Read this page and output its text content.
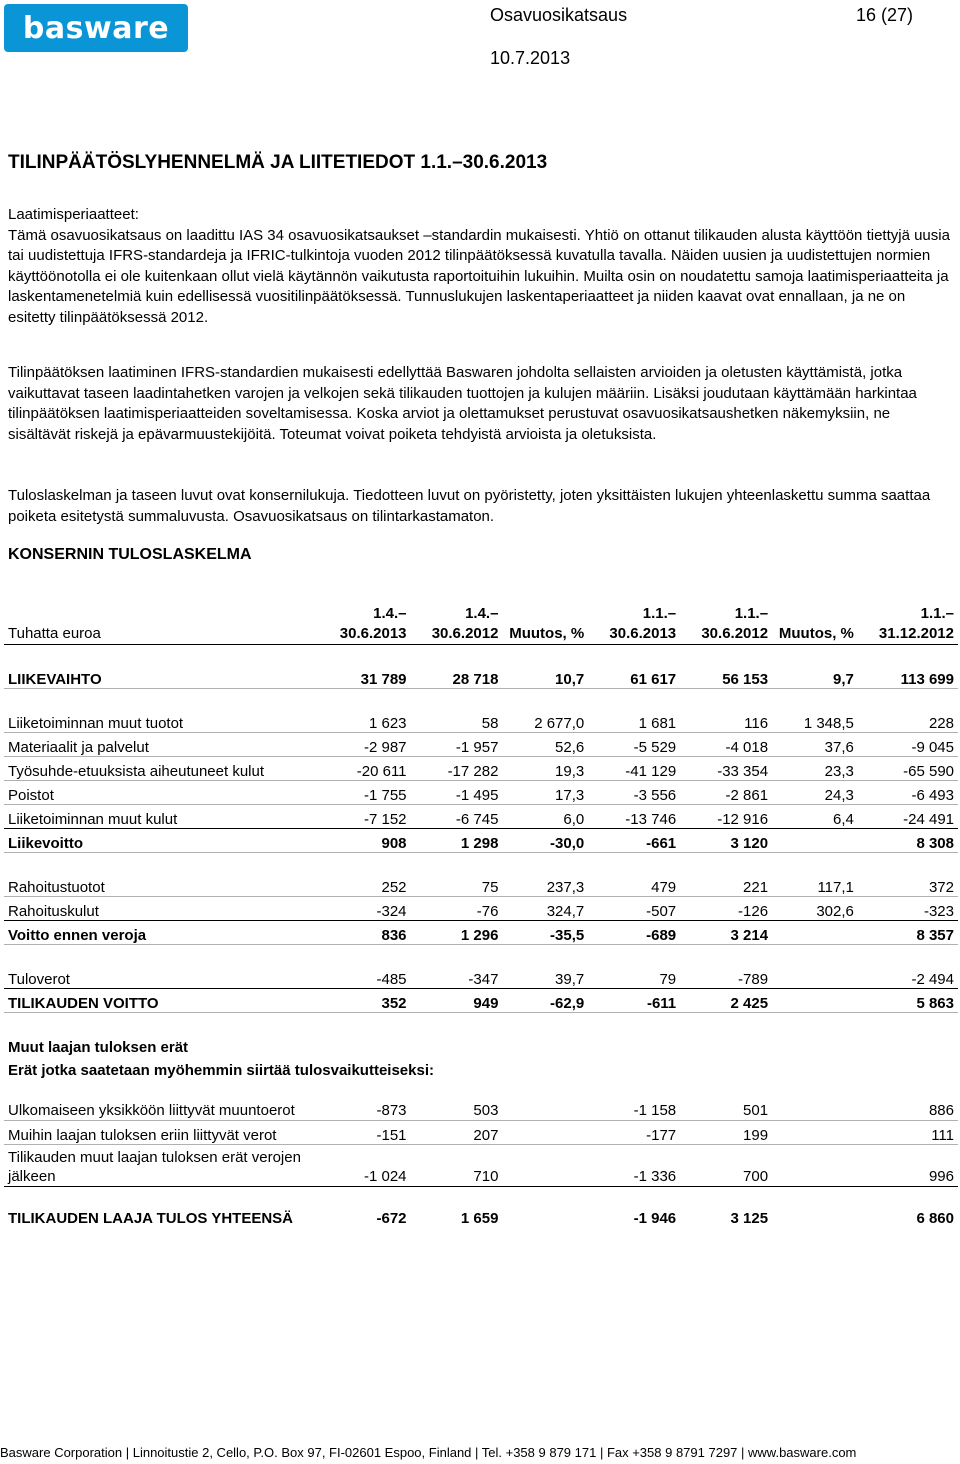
basware	Osavuosikatsaus	16 (27)
10.7.2013
TILINPÄÄTÖSLYHENNELMÄ JA LIITETIEDOT 1.1.–30.6.2013
Laatimisperiaatteet:
Tämä osavuosikatsaus on laadittu IAS 34 osavuosikatsaukset –standardin mukaisesti. Yhtiö on ottanut tilikauden alusta käyttöön tiettyjä uusia tai uudistettuja IFRS-standardeja ja IFRIC-tulkintoja vuoden 2012 tilinpäätöksessä kuvatulla tavalla. Näiden uusien ja uudistettujen normien käyttöönotolla ei ole kuitenkaan ollut vielä käytännön vaikutusta raportoituihin lukuihin. Muilta osin on noudatettu samoja laatimisperiaatteita ja laskentamenetelmiä kuin edellisessä vuositilinpäätöksessä. Tunnuslukujen laskentaperiaatteet ja niiden kaavat ovat ennallaan, ja ne on esitetty tilinpäätöksessä 2012.
Tilinpäätöksen laatiminen IFRS-standardien mukaisesti edellyttää Baswaren johdolta sellaisten arvioiden ja oletusten käyttämistä, jotka vaikuttavat taseen laadintahetken varojen ja velkojen sekä tilikauden tuottojen ja kulujen määriin. Lisäksi joudutaan käyttämään harkintaa tilinpäätöksen laatimisperiaatteiden soveltamisessa. Koska arviot ja olettamukset perustuvat osavuosikatsaushetken näkemyksiin, ne sisältävät riskejä ja epävarmuustekijöitä. Toteumat voivat poiketa tehdyistä arvioista ja oletuksista.
Tuloslaskelman ja taseen luvut ovat konsernilukuja. Tiedotteen luvut on pyöristetty, joten yksittäisten lukujen yhteenlaskettu summa saattaa poiketa esitetystä summaluvusta. Osavuosikatsaus on tilintarkastamaton.
KONSERNIN TULOSLASKELMA
Tuhatta euroa	1.4.– 30.6.2013	1.4.– 30.6.2012	Muutos, %	1.1.– 30.6.2013	1.1.– 30.6.2012	Muutos, %	1.1.– 31.12.2012

LIIKEVAIHTO	31 789	28 718	10,7	61 617	56 153	9,7	113 699

Liiketoiminnan muut tuotot	1 623	58	2 677,0	1 681	116	1 348,5	228
Materiaalit ja palvelut	-2 987	-1 957	52,6	-5 529	-4 018	37,6	-9 045
Työsuhde-etuuksista aiheutuneet kulut	-20 611	-17 282	19,3	-41 129	-33 354	23,3	-65 590
Poistot	-1 755	-1 495	17,3	-3 556	-2 861	24,3	-6 493
Liiketoiminnan muut kulut	-7 152	-6 745	6,0	-13 746	-12 916	6,4	-24 491
Liikevoitto	908	1 298	-30,0	-661	3 120		8 308

Rahoitustuotot	252	75	237,3	479	221	117,1	372
Rahoituskulut	-324	-76	324,7	-507	-126	302,6	-323
Voitto ennen veroja	836	1 296	-35,5	-689	3 214		8 357

Tuloverot	-485	-347	39,7	79	-789		-2 494
TILIKAUDEN VOITTO	352	949	-62,9	-611	2 425		5 863

Muut laajan tuloksen erät							
Erät jotka saatetaan myöhemmin siirtää tulosvaikutteiseksi:							
Ulkomaiseen yksikköön liittyvät muuntoerot	-873	503		-1 158	501		886
Muihin laajan tuloksen eriin liittyvät verot	-151	207		-177	199		111
Tilikauden muut laajan tuloksen erät verojen jälkeen	-1 024	710		-1 336	700		996
TILIKAUDEN LAAJA TULOS YHTEENSÄ	-672	1 659		-1 946	3 125		6 860
Basware Corporation | Linnoitustie 2, Cello, P.O. Box 97, FI-02601 Espoo, Finland | Tel. +358 9 879 171 | Fax +358 9 8791 7297 | www.basware.com
